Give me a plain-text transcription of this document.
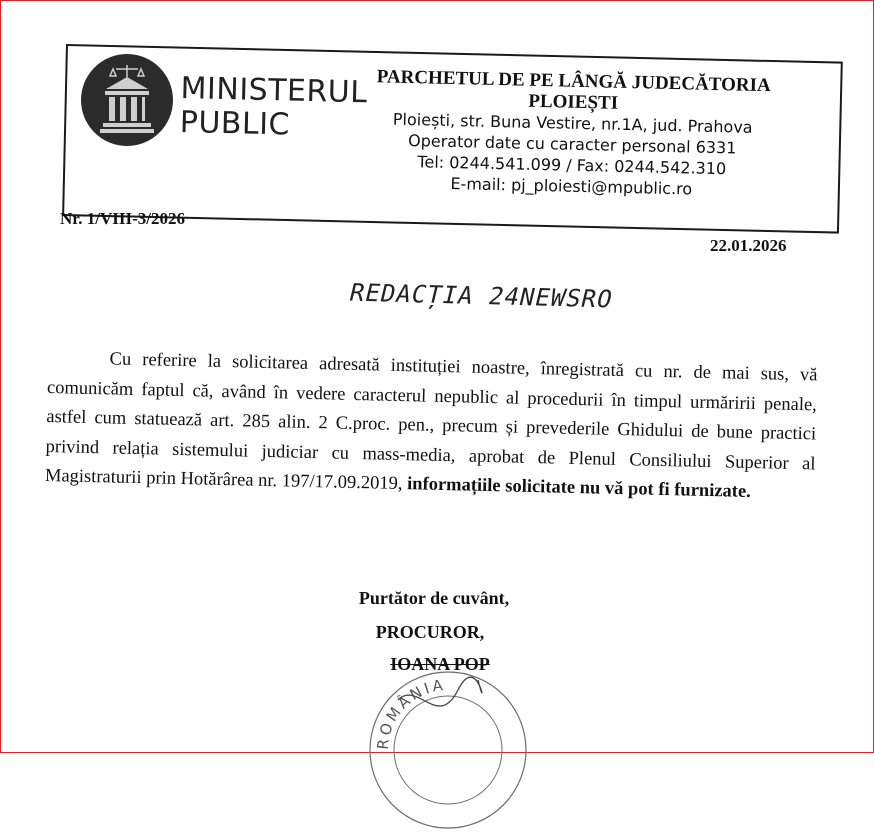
MINISTERUL
PUBLIC
PARCHETUL DE PE LÂNGĂ JUDECĂTORIA
PLOIEȘTI
Ploiești, str. Buna Vestire, nr.1A, jud. Prahova
Operator date cu caracter personal 6331
Tel: 0244.541.099 / Fax: 0244.542.310
E-mail: pj_ploiesti@mpublic.ro
Nr. 1/VIII-3/2026
22.01.2026
REDACȚIA 24NEWSRO
Cu referire la solicitarea adresată instituției noastre, înregistrată cu nr. de mai sus, vă comunicăm faptul că, având în vedere caracterul nepublic al procedurii în timpul urmăririi penale, astfel cum statuează art. 285 alin. 2 C.proc. pen., precum și prevederile Ghidului de bune practici privind relația sistemului judiciar cu mass-media, aprobat de Plenul Consiliului Superior al Magistraturii prin Hotărârea nr. 197/17.09.2019, informațiile solicitate nu vă pot fi furnizate.
Purtător de cuvânt,
PROCUROR,
IOANA POP
ROMÂNIA
